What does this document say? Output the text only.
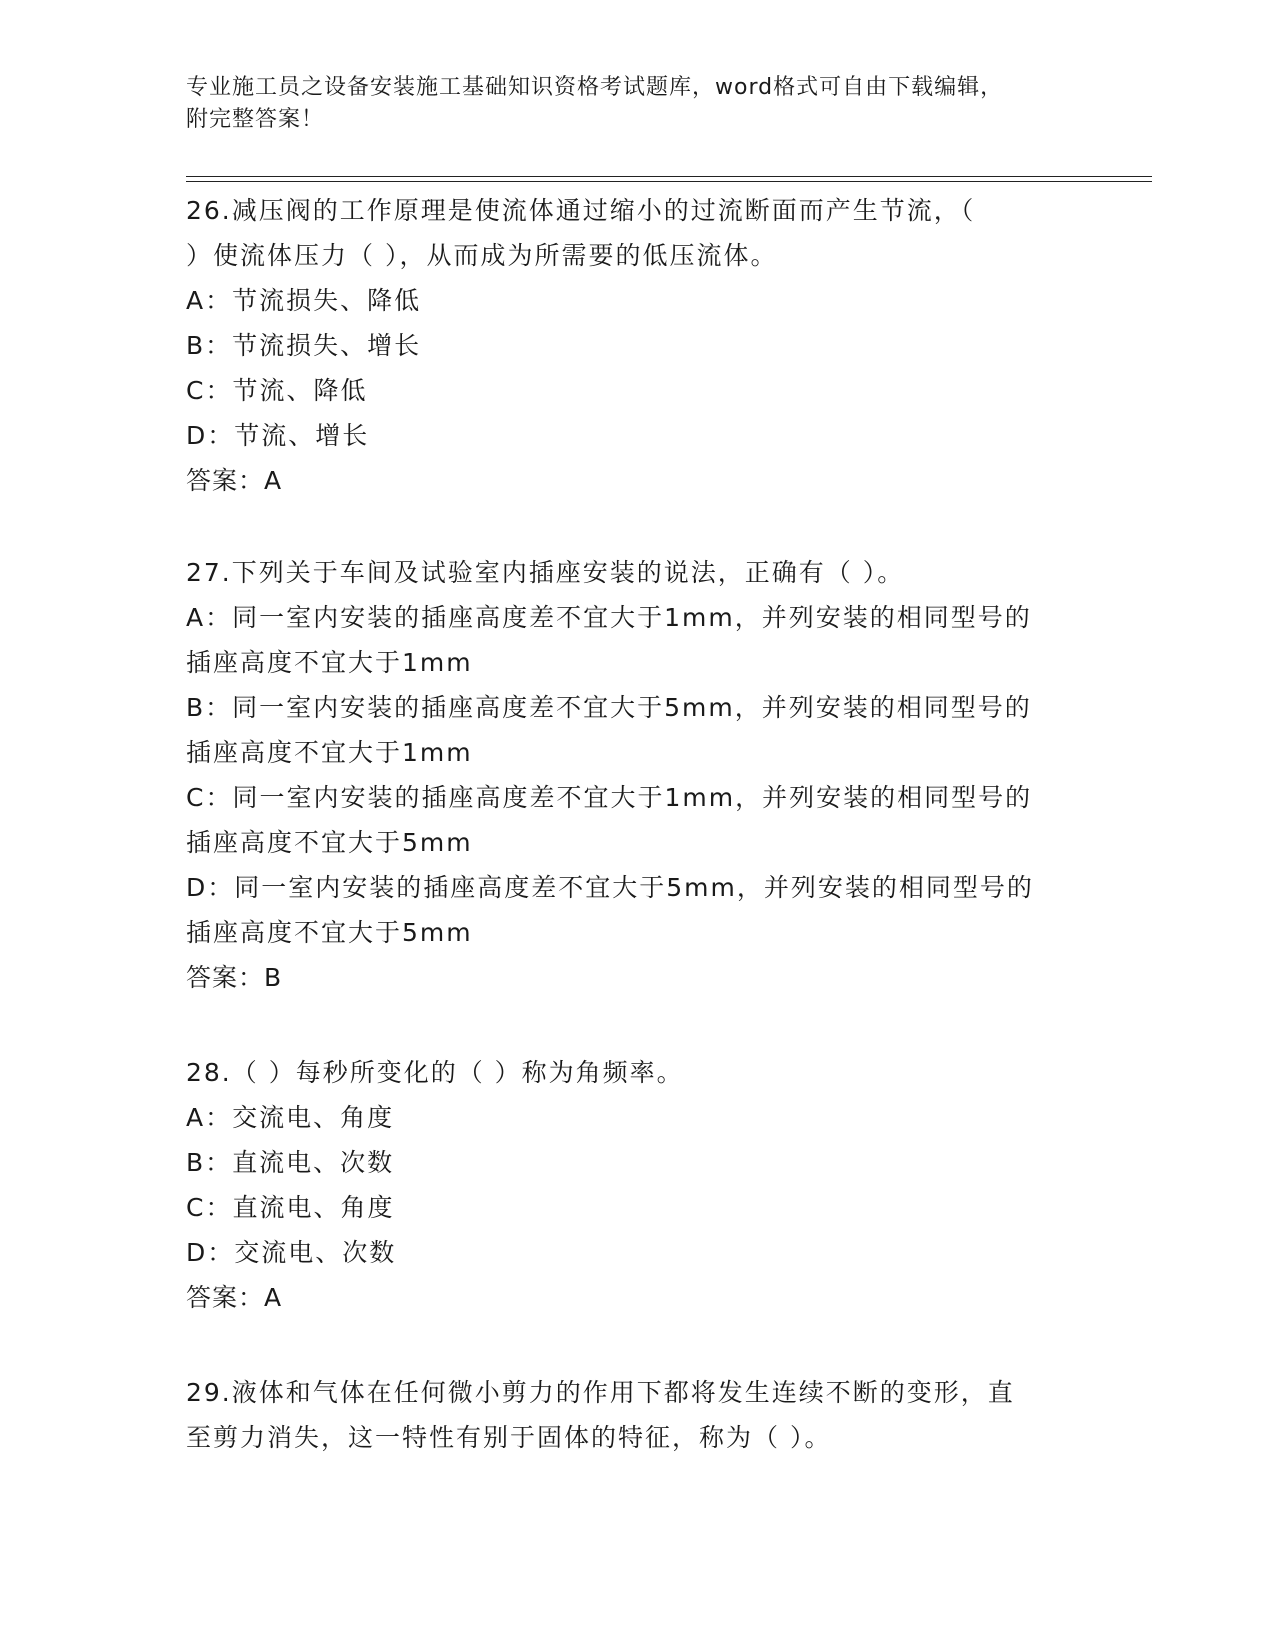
专业施工员之设备安装施工基础知识资格考试题库，word格式可自由下载编辑，
附完整答案！
26.减压阀的工作原理是使流体通过缩小的过流断面而产生节流，（
）使流体压力（ ），从而成为所需要的低压流体。
A：节流损失、降低
B：节流损失、增长
C：节流、降低
D：节流、增长
答案：A
27.下列关于车间及试验室内插座安装的说法，正确有（ ）。
A：同一室内安装的插座高度差不宜大于1mm，并列安装的相同型号的
插座高度不宜大于1mm
B：同一室内安装的插座高度差不宜大于5mm，并列安装的相同型号的
插座高度不宜大于1mm
C：同一室内安装的插座高度差不宜大于1mm，并列安装的相同型号的
插座高度不宜大于5mm
D：同一室内安装的插座高度差不宜大于5mm，并列安装的相同型号的
插座高度不宜大于5mm
答案：B
28.（ ）每秒所变化的（ ）称为角频率。
A：交流电、角度
B：直流电、次数
C：直流电、角度
D：交流电、次数
答案：A
29.液体和气体在任何微小剪力的作用下都将发生连续不断的变形，直
至剪力消失，这一特性有别于固体的特征，称为（ ）。
